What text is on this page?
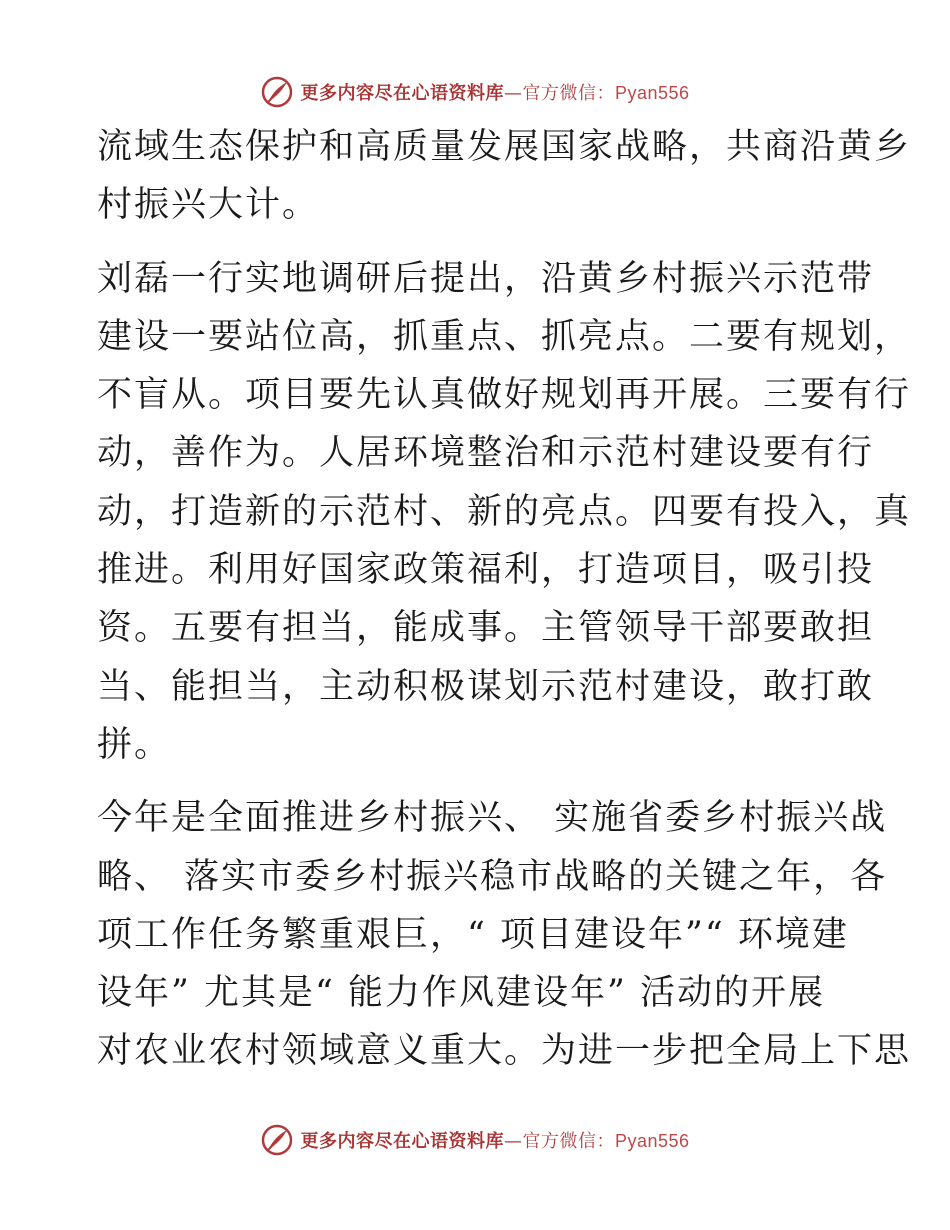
更多内容尽在心语资料库—官方微信：Pyan556

流域生态保护和高质量发展国家战略，共商沿黄乡
村振兴大计。

刘磊一行实地调研后提出，沿黄乡村振兴示范带
建设一要站位高，抓重点、抓亮点。二要有规划，
不盲从。项目要先认真做好规划再开展。三要有行
动，善作为。人居环境整治和示范村建设要有行
动，打造新的示范村、新的亮点。四要有投入，真
推进。利用好国家政策福利，打造项目，吸引投
资。五要有担当，能成事。主管领导干部要敢担
当、能担当，主动积极谋划示范村建设，敢打敢
拼。

今年是全面推进乡村振兴、 实施省委乡村振兴战
略、 落实市委乡村振兴稳市战略的关键之年，各
项工作任务繁重艰巨，“ 项目建设年”“ 环境建
设年” 尤其是“ 能力作风建设年” 活动的开展
对农业农村领域意义重大。为进一步把全局上下思

更多内容尽在心语资料库—官方微信：Pyan556
